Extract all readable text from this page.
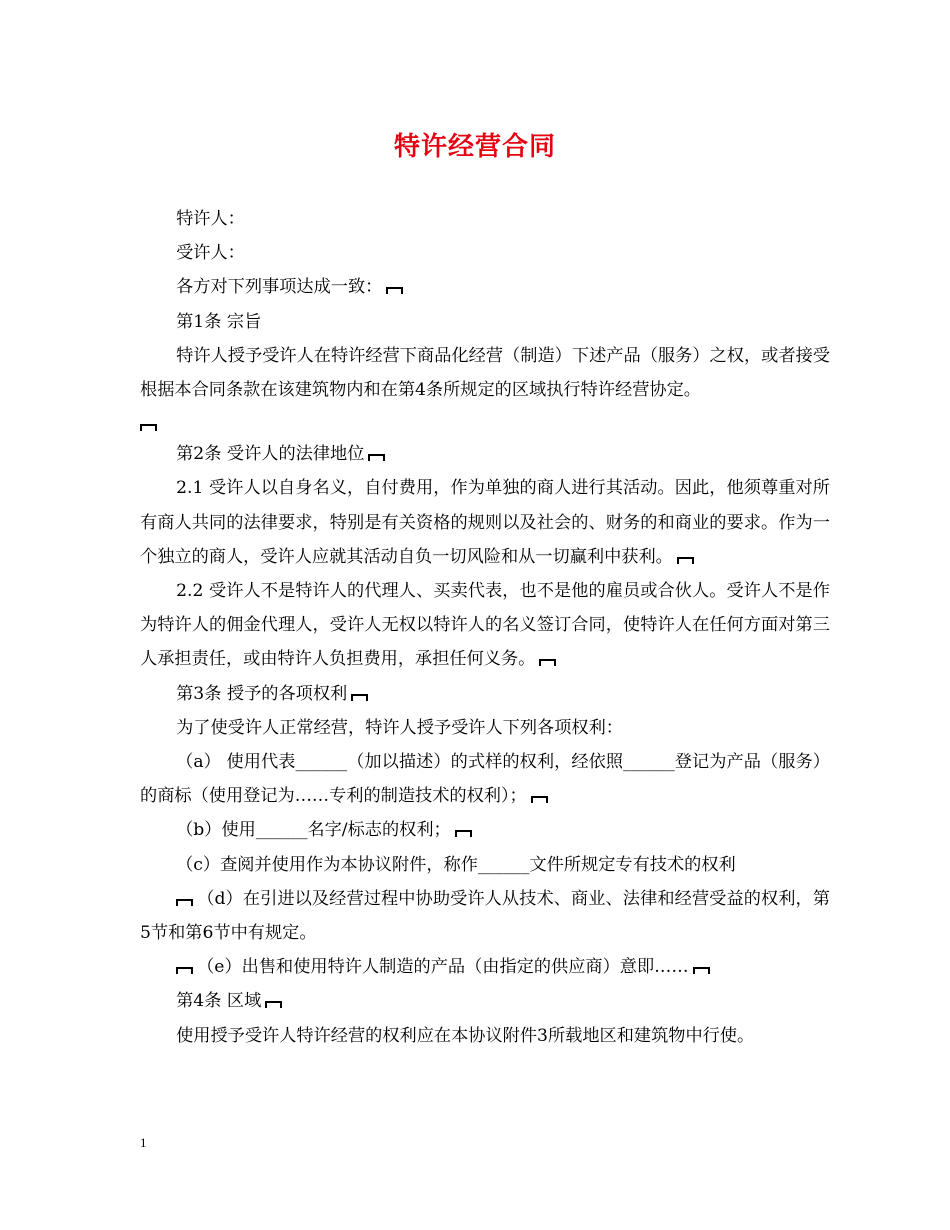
特许经营合同

特许人：

受许人：

各方对下列事项达成一致：

第1条 宗旨

特许人授予受许人在特许经营下商品化经营（制造）下述产品（服务）之权，或者接受根据本合同条款在该建筑物内和在第4条所规定的区域执行特许经营协定。

第2条 受许人的法律地位

2.1 受许人以自身名义，自付费用，作为单独的商人进行其活动。因此，他须尊重对所有商人共同的法律要求，特别是有关资格的规则以及社会的、财务的和商业的要求。作为一个独立的商人，受许人应就其活动自负一切风险和从一切赢利中获利。

2.2 受许人不是特许人的代理人、买卖代表，也不是他的雇员或合伙人。受许人不是作为特许人的佣金代理人，受许人无权以特许人的名义签订合同，使特许人在任何方面对第三人承担责任，或由特许人负担费用，承担任何义务。

第3条 授予的各项权利

为了使受许人正常经营，特许人授予受许人下列各项权利：

（a） 使用代表______（加以描述）的式样的权利，经依照______登记为产品（服务）的商标（使用登记为……专利的制造技术的权利）；

（b）使用______名字/标志的权利；

（c）查阅并使用作为本协议附件，称作______文件所规定专有技术的权利

（d）在引进以及经营过程中协助受许人从技术、商业、法律和经营受益的权利，第5节和第6节中有规定。

（e）出售和使用特许人制造的产品（由指定的供应商）意即……

第4条 区域

使用授予受许人特许经营的权利应在本协议附件3所载地区和建筑物中行使。

1
